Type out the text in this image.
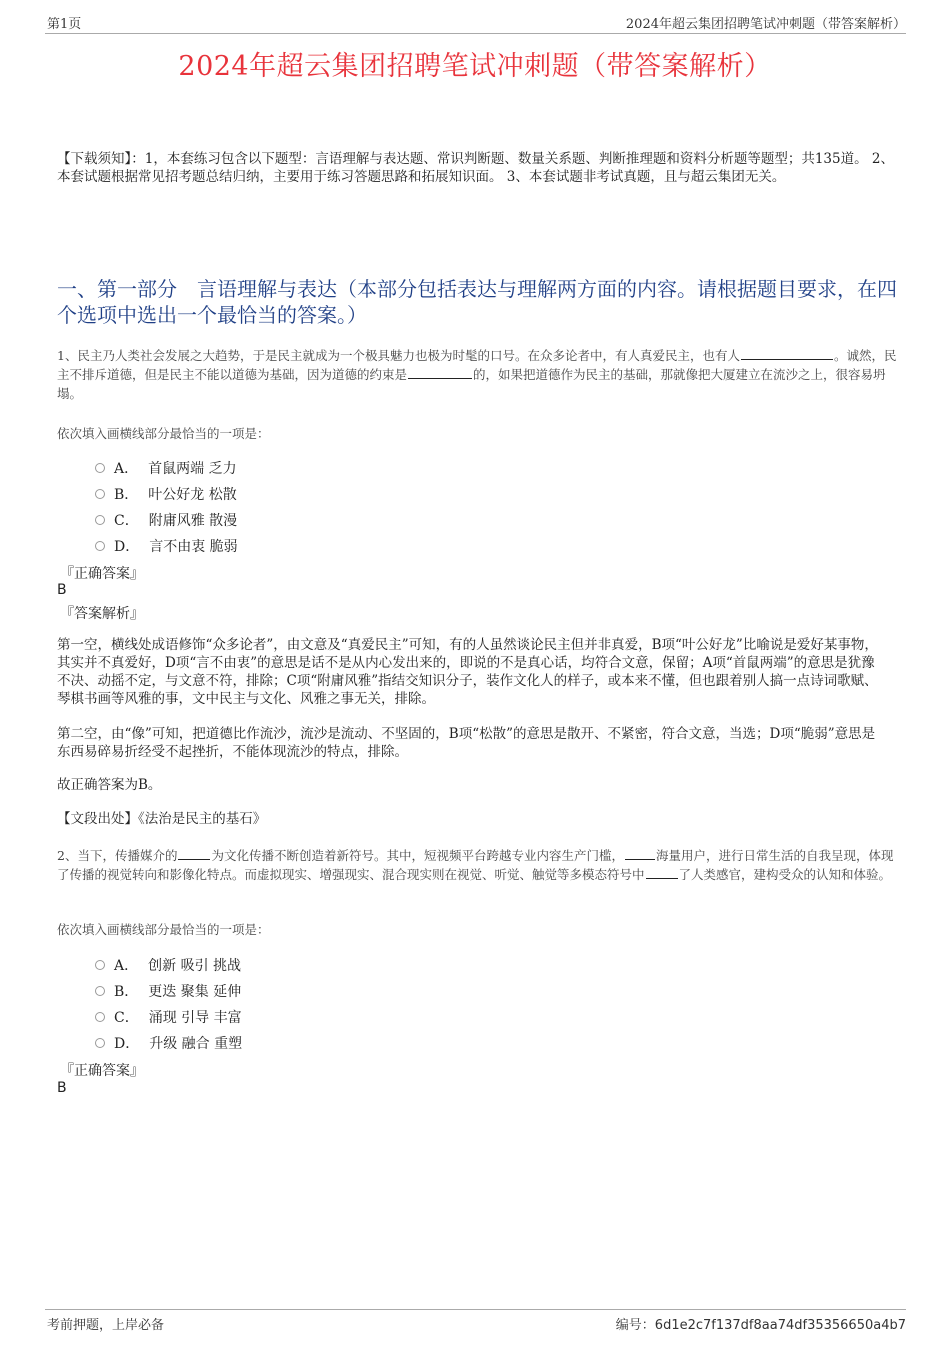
第1页	2024年超云集团招聘笔试冲刺题（带答案解析）
2024年超云集团招聘笔试冲刺题（带答案解析）
【下载须知】：1，本套练习包含以下题型：言语理解与表达题、常识判断题、数量关系题、判断推理题和资料分析题等题型；共135道。 2、本套试题根据常见招考题总结归纳，主要用于练习答题思路和拓展知识面。 3、本套试题非考试真题，且与超云集团无关。
一、第一部分　言语理解与表达（本部分包括表达与理解两方面的内容。请根据题目要求，在四个选项中选出一个最恰当的答案。）
1、民主乃人类社会发展之大趋势，于是民主就成为一个极具魅力也极为时髦的口号。在众多论者中，有人真爱民主，也有人	。诚然，民主不排斥道德，但是民主不能以道德为基础，因为道德的约束是	的，如果把道德作为民主的基础，那就像把大厦建立在流沙之上，很容易坍塌。
依次填入画横线部分最恰当的一项是：
A． 首鼠两端 乏力
B． 叶公好龙 松散
C． 附庸风雅 散漫
D． 言不由衷 脆弱
『正确答案』
B
『答案解析』
第一空，横线处成语修饰“众多论者”，由文意及“真爱民主”可知，有的人虽然谈论民主但并非真爱，B项“叶公好龙”比喻说是爱好某事物，其实并不真爱好，D项“言不由衷”的意思是话不是从内心发出来的，即说的不是真心话，均符合文意，保留；A项“首鼠两端”的意思是犹豫不决、动摇不定，与文意不符，排除；C项“附庸风雅”指结交知识分子，装作文化人的样子，或本来不懂，但也跟着别人搞一点诗词歌赋、琴棋书画等风雅的事，文中民主与文化、风雅之事无关，排除。
第二空，由“像”可知，把道德比作流沙，流沙是流动、不坚固的，B项“松散”的意思是散开、不紧密，符合文意，当选；D项“脆弱”意思是东西易碎易折经受不起挫折，不能体现流沙的特点，排除。
故正确答案为B。
【文段出处】《法治是民主的基石》
2、当下，传播媒介的	为文化传播不断创造着新符号。其中，短视频平台跨越专业内容生产门槛，	海量用户，进行日常生活的自我呈现，体现了传播的视觉转向和影像化特点。而虚拟现实、增强现实、混合现实则在视觉、听觉、触觉等多模态符号中	了人类感官，建构受众的认知和体验。
依次填入画横线部分最恰当的一项是：
A． 创新 吸引 挑战
B． 更迭 聚集 延伸
C． 涌现 引导 丰富
D． 升级 融合 重塑
『正确答案』
B
考前押题，上岸必备	编号：6d1e2c7f137df8aa74df35356650a4b7
